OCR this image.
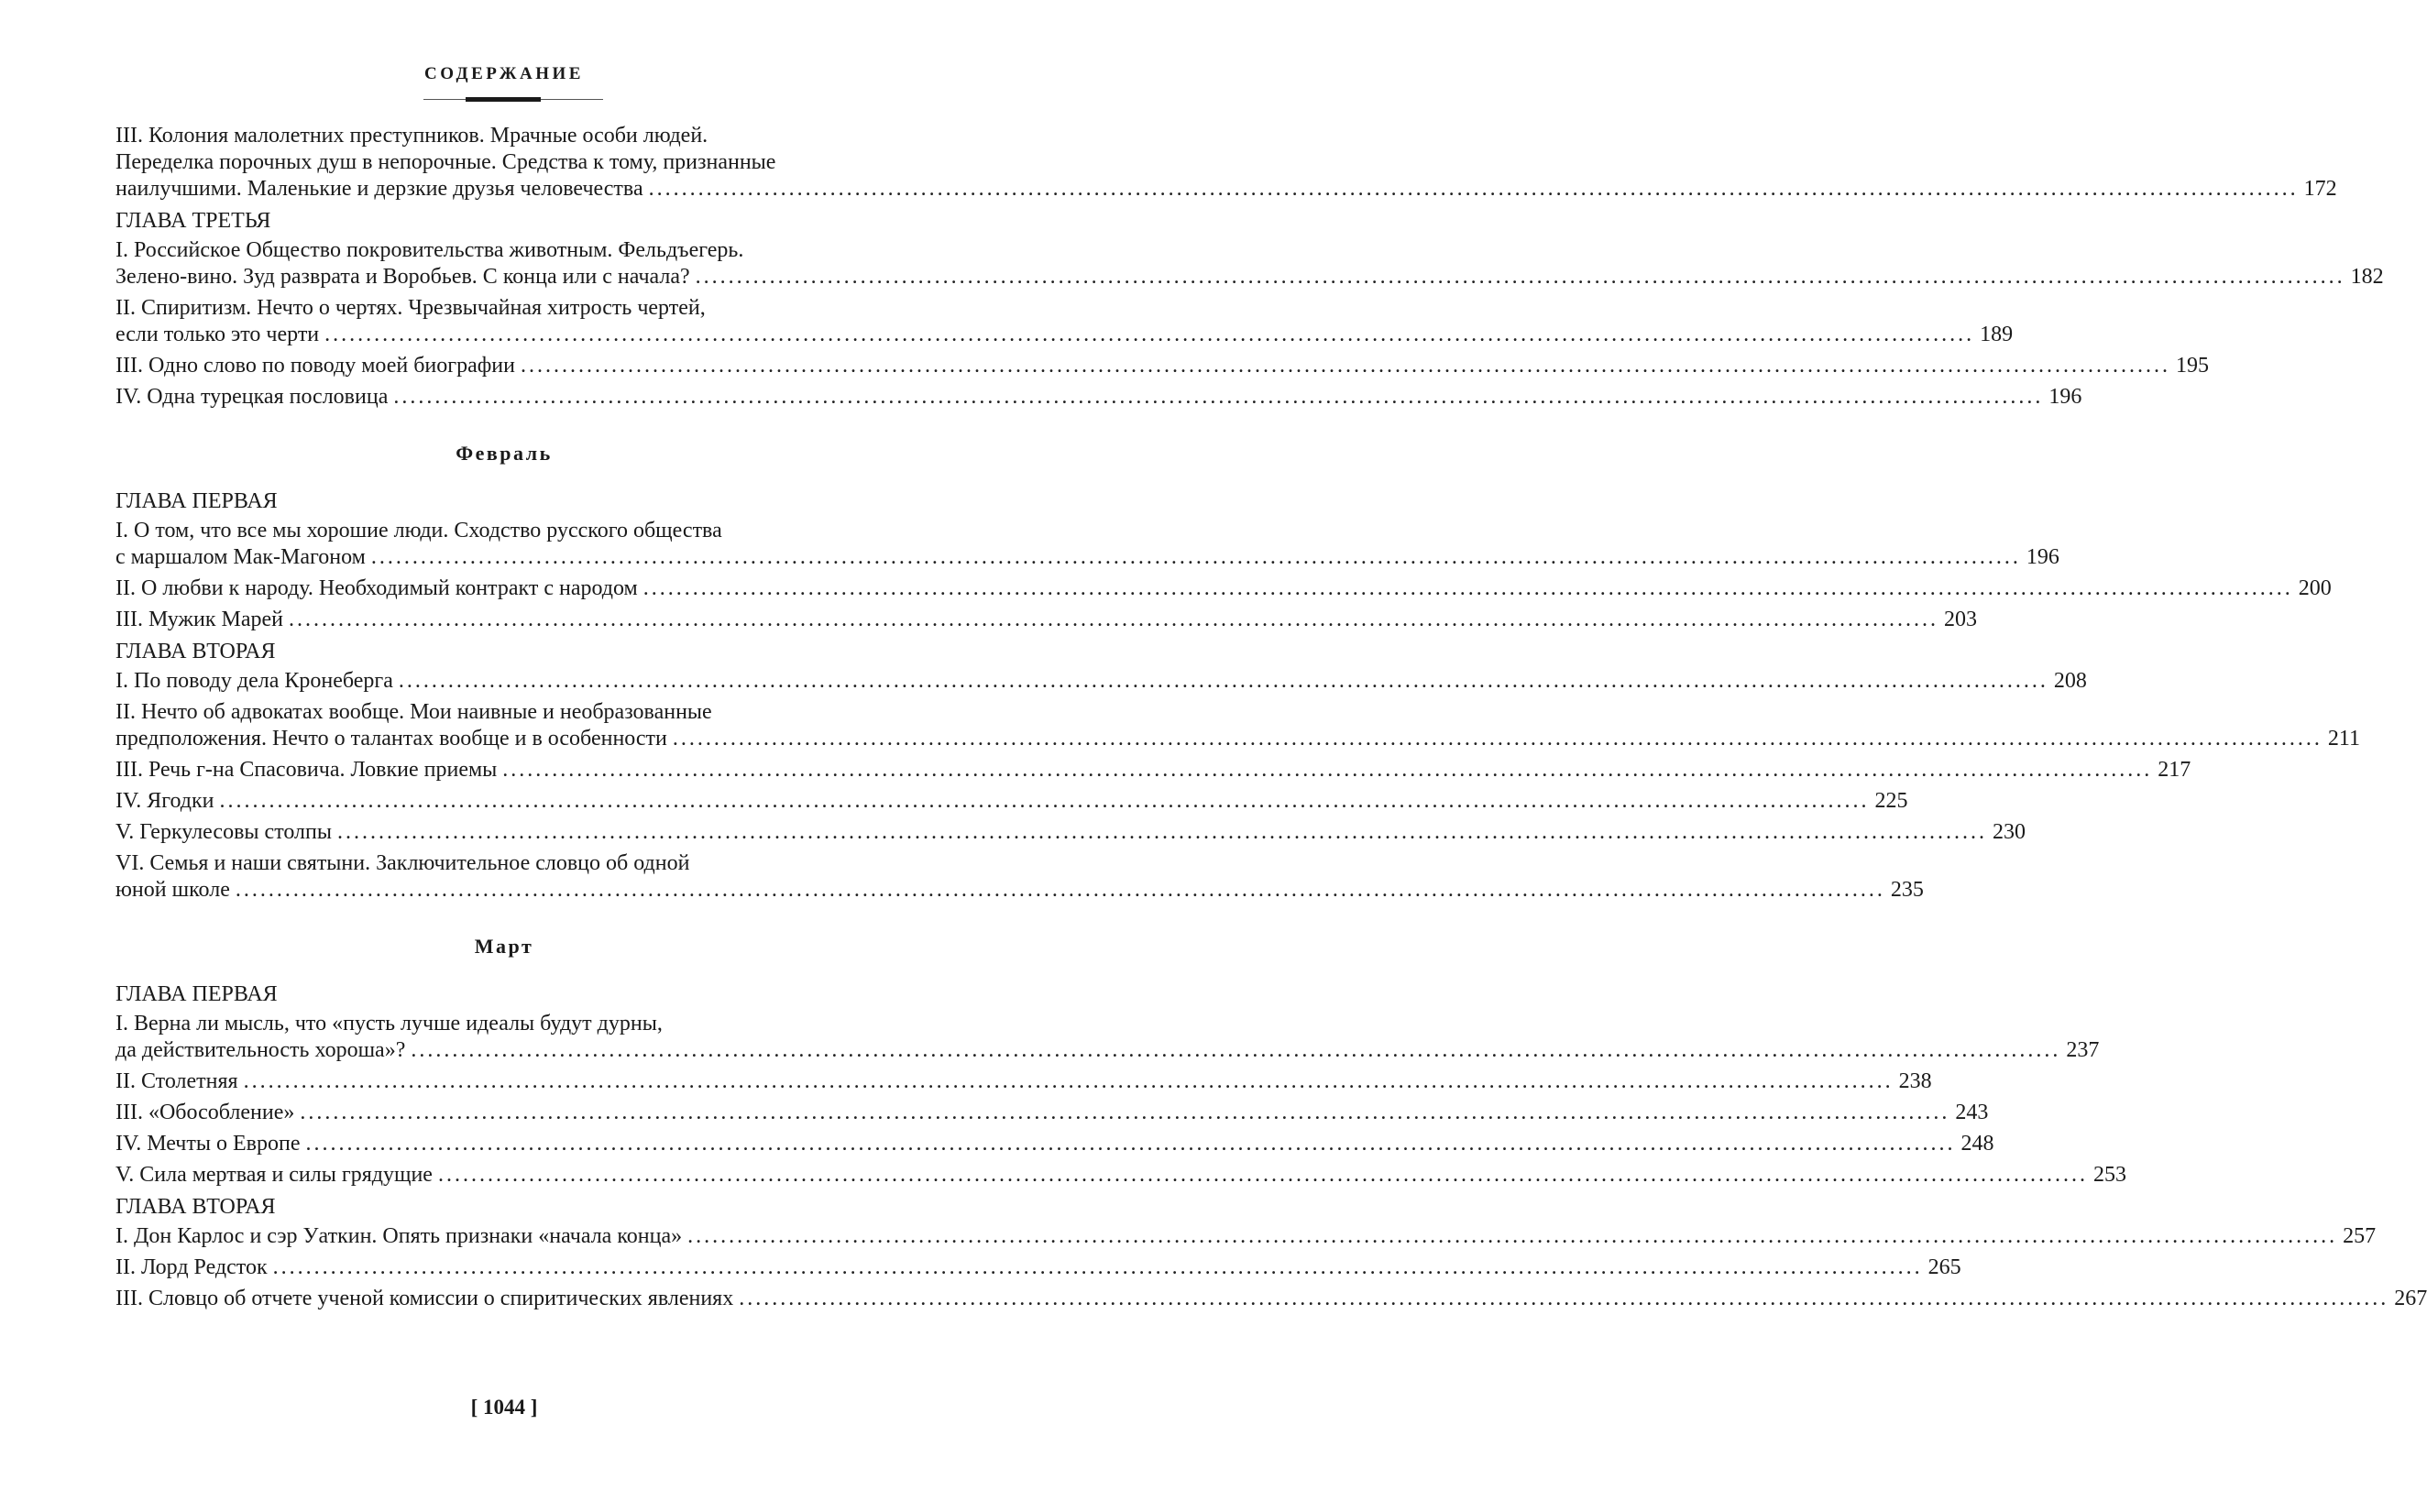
СОДЕРЖАНИЕ
III. Колония малолетних преступников. Мрачные особи людей.
Переделка порочных душ в непорочные. Средства к тому, признанные
наилучшими. Маленькие и дерзкие друзья человечества ........................................................................................................................................................................................................ 172
ГЛАВА ТРЕТЬЯ
I. Российское Общество покровительства животным. Фельдъегерь.
Зелено-вино. Зуд разврата и Воробьев. С конца или с начала? ........................................................................................................................................................................................................ 182
II. Спиритизм. Нечто о чертях. Чрезвычайная хитрость чертей,
если только это черти ........................................................................................................................................................................................................ 189
III. Одно слово по поводу моей биографии ........................................................................................................................................................................................................ 195
IV. Одна турецкая пословица ........................................................................................................................................................................................................ 196
Февраль
ГЛАВА ПЕРВАЯ
I. О том, что все мы хорошие люди. Сходство русского общества
с маршалом Мак-Магоном ........................................................................................................................................................................................................ 196
II. О любви к народу. Необходимый контракт с народом ........................................................................................................................................................................................................ 200
III. Мужик Марей ........................................................................................................................................................................................................ 203
ГЛАВА ВТОРАЯ
I. По поводу дела Кронеберга ........................................................................................................................................................................................................ 208
II. Нечто об адвокатах вообще. Мои наивные и необразованные
предположения. Нечто о талантах вообще и в особенности ........................................................................................................................................................................................................ 211
III. Речь г-на Спасовича. Ловкие приемы ........................................................................................................................................................................................................ 217
IV. Ягодки ........................................................................................................................................................................................................ 225
V. Геркулесовы столпы ........................................................................................................................................................................................................ 230
VI. Семья и наши святыни. Заключительное словцо об одной
юной школе ........................................................................................................................................................................................................ 235
Март
ГЛАВА ПЕРВАЯ
I. Верна ли мысль, что «пусть лучше идеалы будут дурны,
да действительность хороша»? ........................................................................................................................................................................................................ 237
II. Столетняя ........................................................................................................................................................................................................ 238
III. «Обособление» ........................................................................................................................................................................................................ 243
IV. Мечты о Европе ........................................................................................................................................................................................................ 248
V. Сила мертвая и силы грядущие ........................................................................................................................................................................................................ 253
ГЛАВА ВТОРАЯ
I. Дон Карлос и сэр Уаткин. Опять признаки «начала конца» ........................................................................................................................................................................................................ 257
II. Лорд Редсток ........................................................................................................................................................................................................ 265
III. Словцо об отчете ученой комиссии о спиритических явлениях ........................................................................................................................................................................................................ 267
[ 1044 ]
